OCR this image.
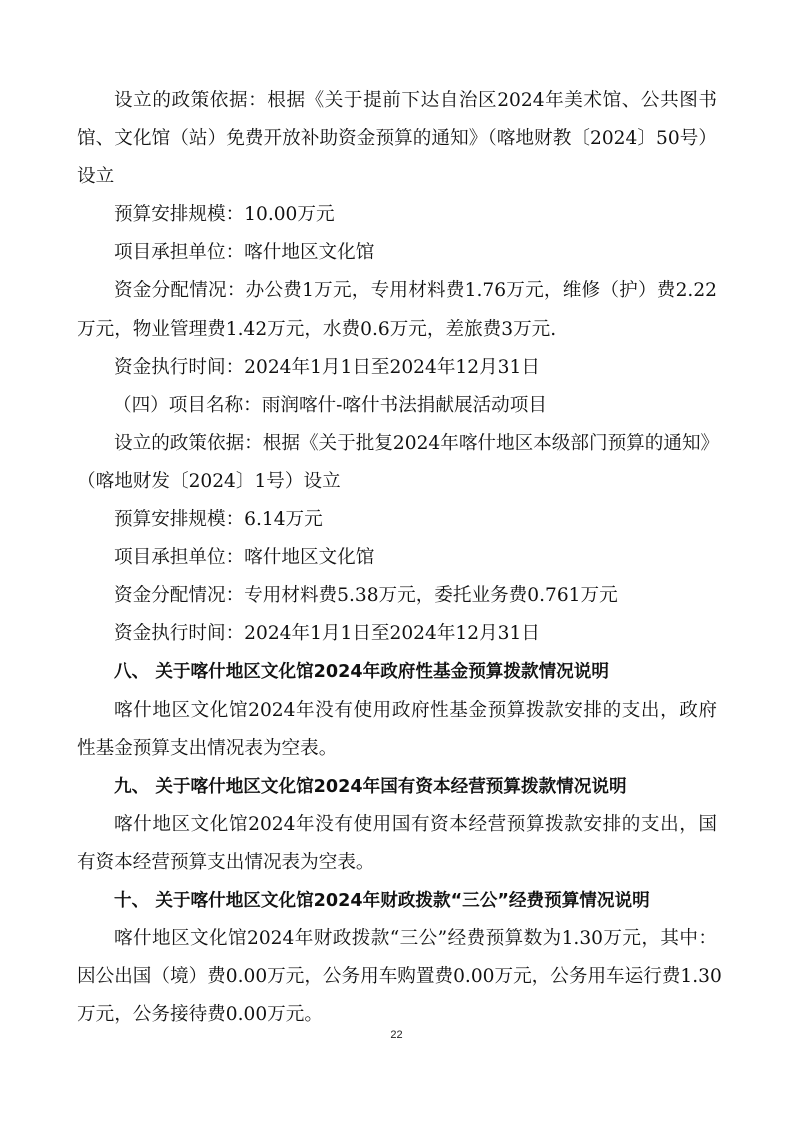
设立的政策依据：根据《关于提前下达自治区2024年美术馆、公共图书
馆、文化馆（站）免费开放补助资金预算的通知》（喀地财教〔2024〕50号）
设立
预算安排规模：10.00万元
项目承担单位：喀什地区文化馆
资金分配情况：办公费1万元，专用材料费1.76万元，维修（护）费2.22
万元，物业管理费1.42万元，水费0.6万元，差旅费3万元.
资金执行时间：2024年1月1日至2024年12月31日
（四）项目名称：雨润喀什-喀什书法捐献展活动项目
设立的政策依据：根据《关于批复2024年喀什地区本级部门预算的通知》
（喀地财发〔2024〕1号）设立
预算安排规模：6.14万元
项目承担单位：喀什地区文化馆
资金分配情况：专用材料费5.38万元，委托业务费0.761万元
资金执行时间：2024年1月1日至2024年12月31日
八、 关于喀什地区文化馆2024年政府性基金预算拨款情况说明
喀什地区文化馆2024年没有使用政府性基金预算拨款安排的支出，政府
性基金预算支出情况表为空表。
九、 关于喀什地区文化馆2024年国有资本经营预算拨款情况说明
喀什地区文化馆2024年没有使用国有资本经营预算拨款安排的支出，国
有资本经营预算支出情况表为空表。
十、 关于喀什地区文化馆2024年财政拨款“三公”经费预算情况说明
喀什地区文化馆2024年财政拨款“三公”经费预算数为1.30万元，其中：
因公出国（境）费0.00万元，公务用车购置费0.00万元，公务用车运行费1.30
万元，公务接待费0.00万元。
22
